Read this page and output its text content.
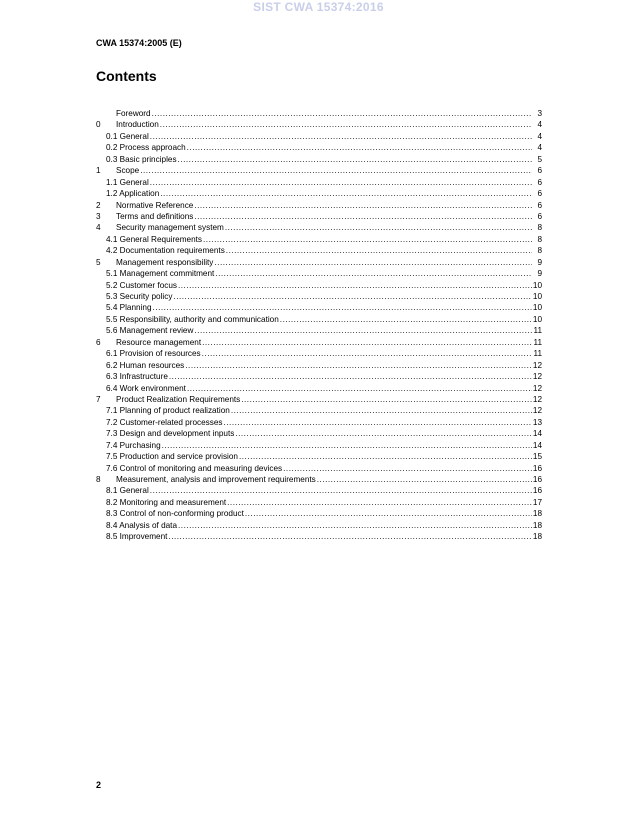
SIST CWA 15374:2016
CWA 15374:2005 (E)
Contents
Foreword .....	3
0	Introduction .....	4
0.1 General .....	4
0.2 Process approach .....	4
0.3 Basic principles .....	5
1	Scope .....	6
1.1 General .....	6
1.2 Application .....	6
2	Normative Reference .....	6
3	Terms and definitions .....	6
4	Security management system .....	8
4.1 General Requirements .....	8
4.2 Documentation requirements .....	8
5	Management responsibility .....	9
5.1 Management commitment .....	9
5.2 Customer focus .....	10
5.3 Security policy .....	10
5.4 Planning .....	10
5.5 Responsibility, authority and communication .....	10
5.6 Management review .....	11
6	Resource management .....	11
6.1 Provision of resources .....	11
6.2 Human resources .....	12
6.3 Infrastructure .....	12
6.4 Work environment .....	12
7	Product Realization Requirements .....	12
7.1 Planning of product realization .....	12
7.2 Customer-related processes .....	13
7.3 Design and development inputs .....	14
7.4 Purchasing .....	14
7.5 Production and service provision .....	15
7.6 Control of monitoring and measuring devices .....	16
8	Measurement, analysis and improvement requirements .....	16
8.1 General .....	16
8.2 Monitoring and measurement .....	17
8.3 Control of non-conforming product .....	18
8.4 Analysis of data .....	18
8.5 Improvement .....	18
2
